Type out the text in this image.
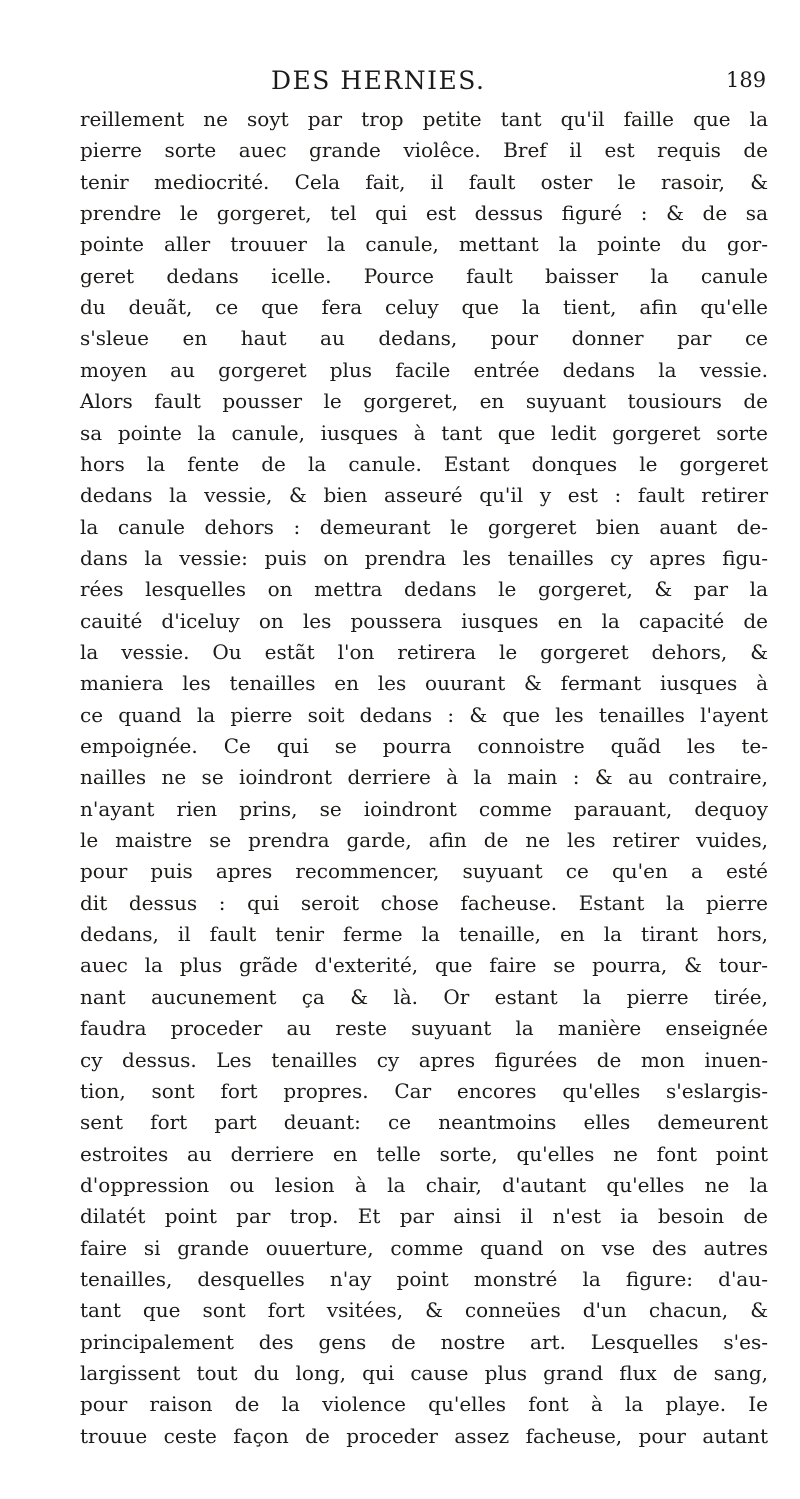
DES HERNIES.	189
reillement ne soyt par trop petite tant qu'il faille que la
pierre sorte auec grande violêce. Bref il est requis de
tenir mediocrité. Cela fait, il fault oster le rasoir, &
prendre le gorgeret, tel qui est dessus figuré : & de sa
pointe aller trouuer la canule, mettant la pointe du gor-
geret dedans icelle. Pource fault baisser la canule
du deuãt, ce que fera celuy que la tient, afin qu'elle
s'sleue en haut au dedans, pour donner par ce
moyen au gorgeret plus facile entrée dedans la vessie.
Alors fault pousser le gorgeret, en suyuant tousiours de
sa pointe la canule, iusques à tant que ledit gorgeret sorte
hors la fente de la canule. Estant donques le gorgeret
dedans la vessie, & bien asseuré qu'il y est : fault retirer
la canule dehors : demeurant le gorgeret bien auant de-
dans la vessie: puis on prendra les tenailles cy apres figu-
rées lesquelles on mettra dedans le gorgeret, & par la
cauité d'iceluy on les poussera iusques en la capacité de
la vessie. Ou estãt l'on retirera le gorgeret dehors, &
maniera les tenailles en les ouurant & fermant iusques à
ce quand la pierre soit dedans : & que les tenailles l'ayent
empoignée. Ce qui se pourra connoistre quãd les te-
nailles ne se ioindront derriere à la main : & au contraire,
n'ayant rien prins, se ioindront comme parauant, dequoy
le maistre se prendra garde, afin de ne les retirer vuides,
pour puis apres recommencer, suyuant ce qu'en a esté
dit dessus : qui seroit chose facheuse. Estant la pierre
dedans, il fault tenir ferme la tenaille, en la tirant hors,
auec la plus grãde d'exterité, que faire se pourra, & tour-
nant aucunement ça & là. Or estant la pierre tirée,
faudra proceder au reste suyuant la manière enseignée
cy dessus. Les tenailles cy apres figurées de mon inuen-
tion, sont fort propres. Car encores qu'elles s'eslargis-
sent fort part deuant: ce neantmoins elles demeurent
estroites au derriere en telle sorte, qu'elles ne font point
d'oppression ou lesion à la chair, d'autant qu'elles ne la
dilatét point par trop. Et par ainsi il n'est ia besoin de
faire si grande ouuerture, comme quand on vse des autres
tenailles, desquelles n'ay point monstré la figure: d'au-
tant que sont fort vsitées, & conneües d'un chacun, &
principalement des gens de nostre art. Lesquelles s'es-
largissent tout du long, qui cause plus grand flux de sang,
pour raison de la violence qu'elles font à la playe. Ie
trouue ceste façon de proceder assez facheuse, pour autant
